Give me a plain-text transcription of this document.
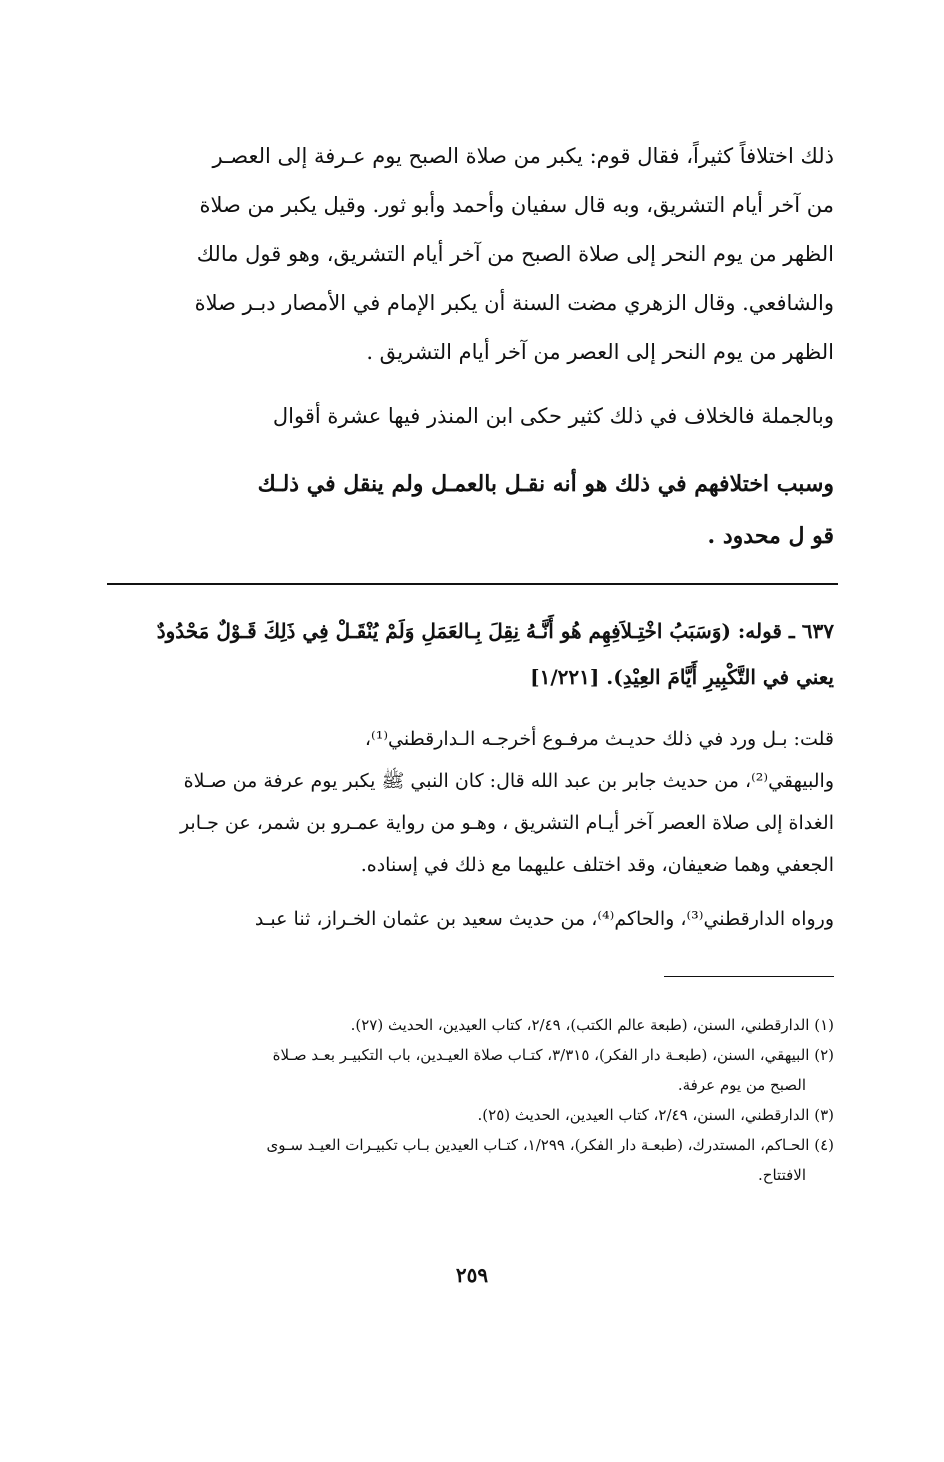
ذلك اختلافاً كثيراً، فقال قوم: يكبر من صلاة الصبح يوم عـرفة إلى العصـر
من آخر أيام التشريق، وبه قال سفيان وأحمد وأبو ثور. وقيل يكبر من صلاة
الظهر من يوم النحر إلى صلاة الصبح من آخر أيام التشريق، وهو قول مالك
والشافعي. وقال الزهري مضت السنة أن يكبر الإمام في الأمصار دبـر صلاة
الظهر من يوم النحر إلى العصر من آخر أيام التشريق .
وبالجملة فالخلاف في ذلك كثير حكى ابن المنذر فيها عشرة أقوال
وسبب اختلافهم في ذلك هو أنه نقـل بالعمـل ولم ينقل في ذلـك
قو ل محدود .
٦٣٧ ـ قوله: (وَسَبَبُ اخْتِـلاَفِهِم هُو أَنَّـهُ نِقِلَ بِـالعَمَلِ وَلَمْ يُنْقَـلْ فِي ذَلِكَ قَـوْلٌ مَحْدُودٌ
يعني في التَّكْبِيرِ أَيَّامَ العِيْدِ). [١/٢٢١]
قلت: بـل ورد في ذلك حديـث مرفـوع أخرجـه الـدارقطني⁽¹⁾،
والبيهقي⁽²⁾، من حديث جابر بن عبد الله قال: كان النبي ﷺ يكبر يوم عرفة من صـلاة
الغداة إلى صلاة العصر آخر أيـام التشريق ، وهـو من رواية عمـرو بن شمر، عن جـابر
الجعفي وهما ضعيفان، وقد اختلف عليهما مع ذلك في إسناده.
ورواه الدارقطني⁽³⁾، والحاكم⁽⁴⁾، من حديث سعيد بن عثمان الخـراز، ثنا عبـد
(١) الدارقطني، السنن، (طبعة عالم الكتب)، ٢/٤٩، كتاب العيدين، الحديث (٢٧).
(٢) البيهقي، السنن، (طبعـة دار الفكر)، ٣/٣١٥، كتـاب صلاة العيـدين، باب التكبيـر بعـد صـلاة
الصبح من يوم عرفة.
(٣) الدارقطني، السنن، ٢/٤٩، كتاب العيدين، الحديث (٢٥).
(٤) الحـاكم، المستدرك، (طبعـة دار الفكر)، ١/٢٩٩، كتـاب العيدين بـاب تكبيـرات العيـد سـوى
الافتتاح.
٢٥٩
